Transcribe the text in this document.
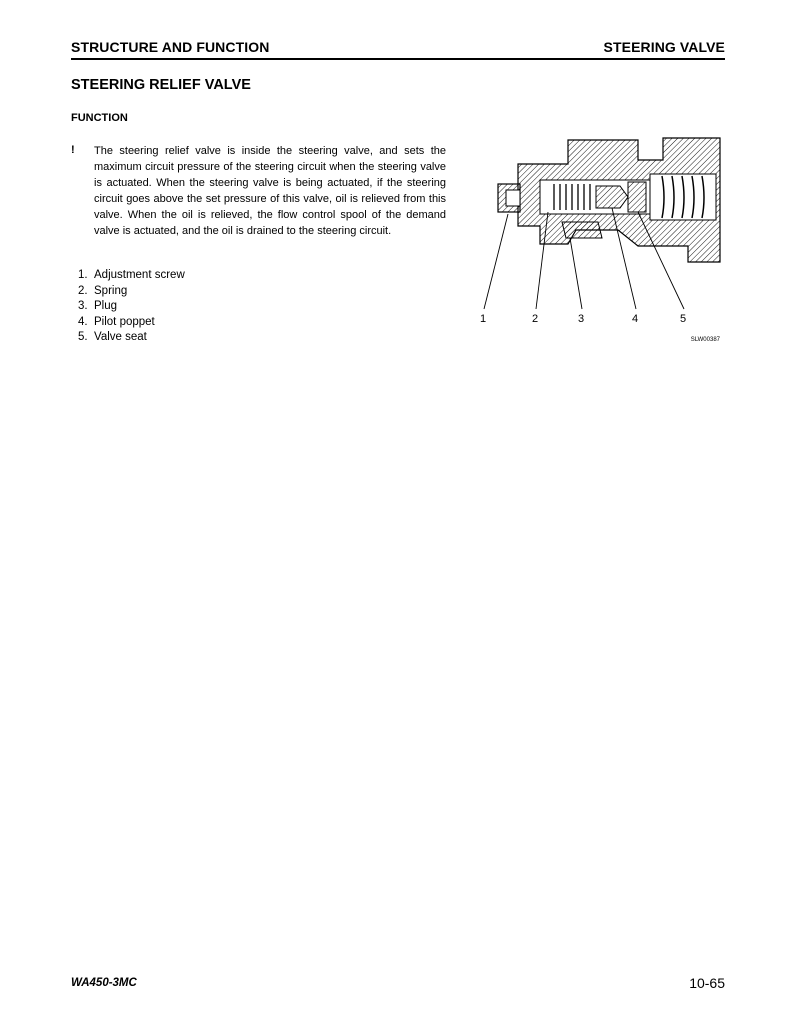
STRUCTURE AND FUNCTION	STEERING VALVE
STEERING RELIEF VALVE
FUNCTION
! The steering relief valve is inside the steering valve, and sets the maximum circuit pressure of the steering circuit when the steering valve is actuated. When the steering valve is being actuated, if the steering circuit goes above the set pressure of this valve, oil is relieved from this valve. When the oil is relieved, the flow control spool of the demand valve is actuated, and the oil is drained to the steering circuit.

1. Adjustment screw
2. Spring
3. Plug
4. Pilot poppet
5. Valve seat
1	2	3	4	5
SLW00387
WA450-3MC	10-65
